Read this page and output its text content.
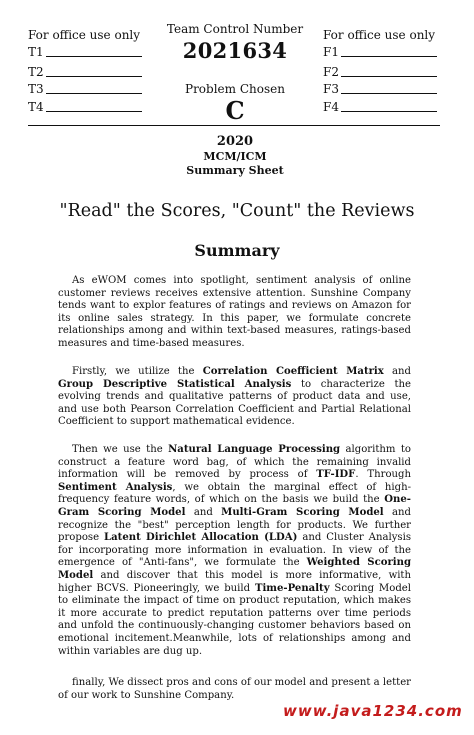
For office use only
T1
T2
T3
T4
Team Control Number
2021634
Problem Chosen
C
For office use only
F1
F2
F3
F4
2020
MCM/ICM
Summary Sheet
"Read" the Scores, "Count" the Reviews
Summary

As eWOM comes into spotlight, sentiment analysis of online customer reviews receives extensive attention. Sunshine Company tends want to explor features of ratings and reviews on Amazon for its online sales strategy. In this paper, we formulate concrete relationships among and within text-based measures, ratings-based measures and time-based measures.

Firstly, we utilize the Correlation Coefficient Matrix and Group Descriptive Statistical Analysis to characterize the evolving trends and qualitative patterns of product data and use, and use both Pearson Correlation Coefficient and Partial Relational Coefficient to support mathematical evidence.

Then we use the Natural Language Processing algorithm to construct a feature word bag, of which the remaining invalid information will be removed by process of TF-IDF. Through Sentiment Analysis, we obtain the marginal effect of high-frequency feature words, of which on the basis we build the One-Gram Scoring Model and Multi-Gram Scoring Model and recognize the "best" perception length for products. We further propose Latent Dirichlet Allocation (LDA) and Cluster Analysis for incorporating more information in evaluation. In view of the emergence of "Anti-fans", we formulate the Weighted Scoring Model and discover that this model is more informative, with higher BCVS. Pioneeringly, we build Time-Penalty Scoring Model to eliminate the impact of time on product reputation, which makes it more accurate to predict reputation patterns over time periods and unfold the continuously-changing customer behaviors based on emotional incitement.Meanwhile, lots of relationships among and within variables are dug up.

finally, We dissect pros and cons of our model and present a letter of our work to Sunshine Company.

www.java1234.com
